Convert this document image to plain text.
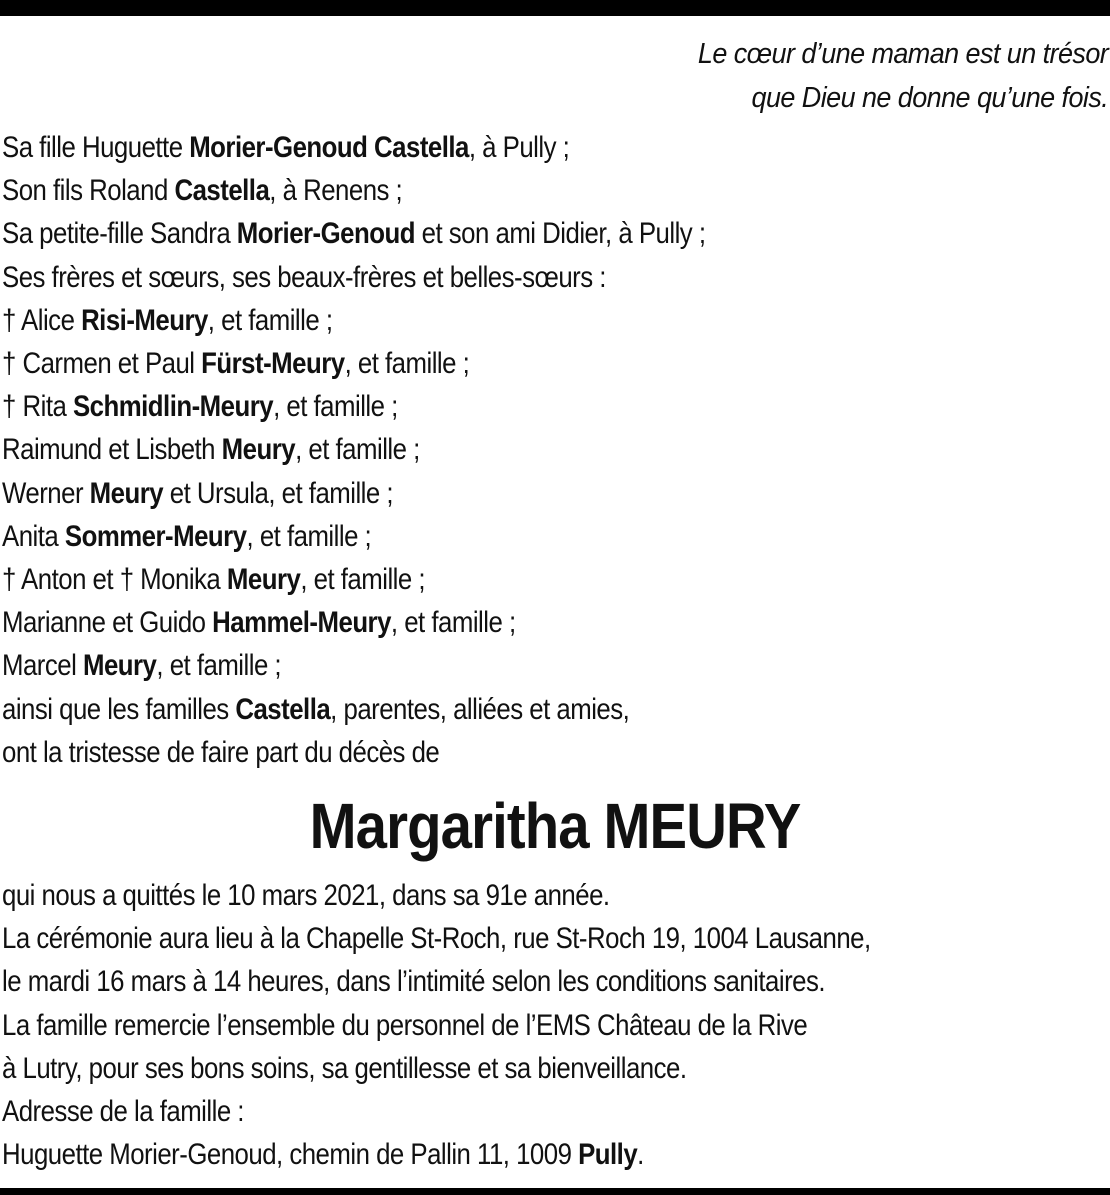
Le cœur d’une maman est un trésor
que Dieu ne donne qu’une fois.
Sa fille Huguette Morier-Genoud Castella, à Pully ;
Son fils Roland Castella, à Renens ;
Sa petite-fille Sandra Morier-Genoud et son ami Didier, à Pully ;
Ses frères et sœurs, ses beaux-frères et belles-sœurs :
† Alice Risi-Meury, et famille ;
† Carmen et Paul Fürst-Meury, et famille ;
† Rita Schmidlin-Meury, et famille ;
Raimund et Lisbeth Meury, et famille ;
Werner Meury et Ursula, et famille ;
Anita Sommer-Meury, et famille ;
† Anton et † Monika Meury, et famille ;
Marianne et Guido Hammel-Meury, et famille ;
Marcel Meury, et famille ;
ainsi que les familles Castella, parentes, alliées et amies,
ont la tristesse de faire part du décès de
Margaritha MEURY
qui nous a quittés le 10 mars 2021, dans sa 91e année.
La cérémonie aura lieu à la Chapelle St-Roch, rue St-Roch 19, 1004 Lausanne,
le mardi 16 mars à 14 heures, dans l’intimité selon les conditions sanitaires.
La famille remercie l’ensemble du personnel de l’EMS Château de la Rive
à Lutry, pour ses bons soins, sa gentillesse et sa bienveillance.
Adresse de la famille :
Huguette Morier-Genoud, chemin de Pallin 11, 1009 Pully.
